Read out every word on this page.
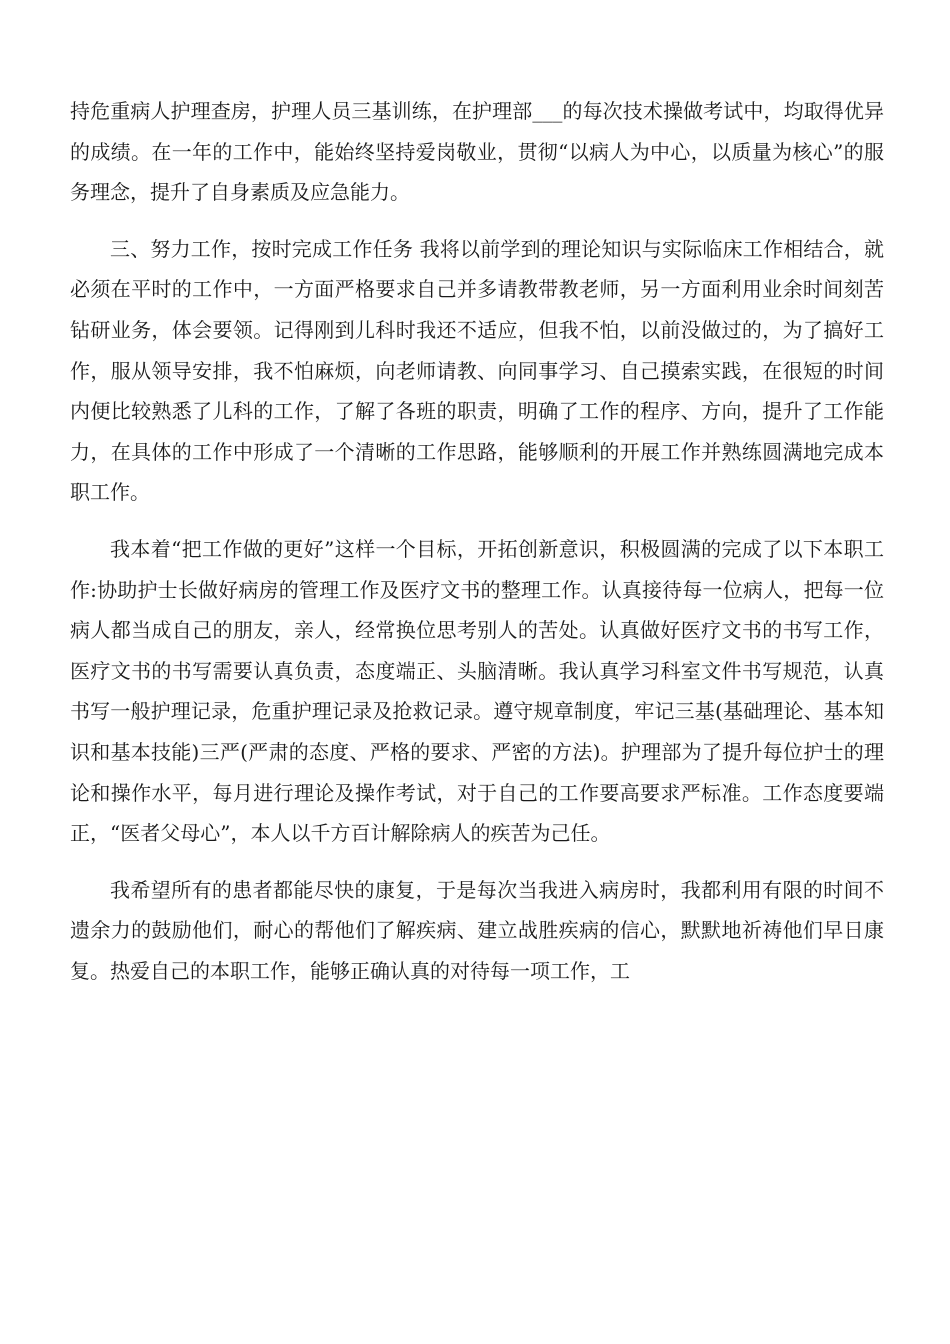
持危重病人护理查房，护理人员三基训练，在护理部___的每次技术操做考试中，均取得优异的成绩。在一年的工作中，能始终坚持爱岗敬业，贯彻“以病人为中心，以质量为核心”的服务理念，提升了自身素质及应急能力。

三、努力工作，按时完成工作任务 我将以前学到的理论知识与实际临床工作相结合，就必须在平时的工作中，一方面严格要求自己并多请教带教老师，另一方面利用业余时间刻苦钻研业务，体会要领。记得刚到儿科时我还不适应，但我不怕，以前没做过的，为了搞好工作，服从领导安排，我不怕麻烦，向老师请教、向同事学习、自己摸索实践，在很短的时间内便比较熟悉了儿科的工作，了解了各班的职责，明确了工作的程序、方向，提升了工作能力，在具体的工作中形成了一个清晰的工作思路，能够顺利的开展工作并熟练圆满地完成本职工作。

我本着“把工作做的更好”这样一个目标，开拓创新意识，积极圆满的完成了以下本职工作:协助护士长做好病房的管理工作及医疗文书的整理工作。认真接待每一位病人，把每一位病人都当成自己的朋友，亲人，经常换位思考别人的苦处。认真做好医疗文书的书写工作，医疗文书的书写需要认真负责，态度端正、头脑清晰。我认真学习科室文件书写规范，认真书写一般护理记录，危重护理记录及抢救记录。遵守规章制度，牢记三基(基础理论、基本知识和基本技能)三严(严肃的态度、严格的要求、严密的方法)。护理部为了提升每位护士的理论和操作水平，每月进行理论及操作考试，对于自己的工作要高要求严标准。工作态度要端正，“医者父母心”，本人以千方百计解除病人的疾苦为己任。

我希望所有的患者都能尽快的康复，于是每次当我进入病房时，我都利用有限的时间不遗余力的鼓励他们，耐心的帮他们了解疾病、建立战胜疾病的信心，默默地祈祷他们早日康复。热爱自己的本职工作，能够正确认真的对待每一项工作，工
